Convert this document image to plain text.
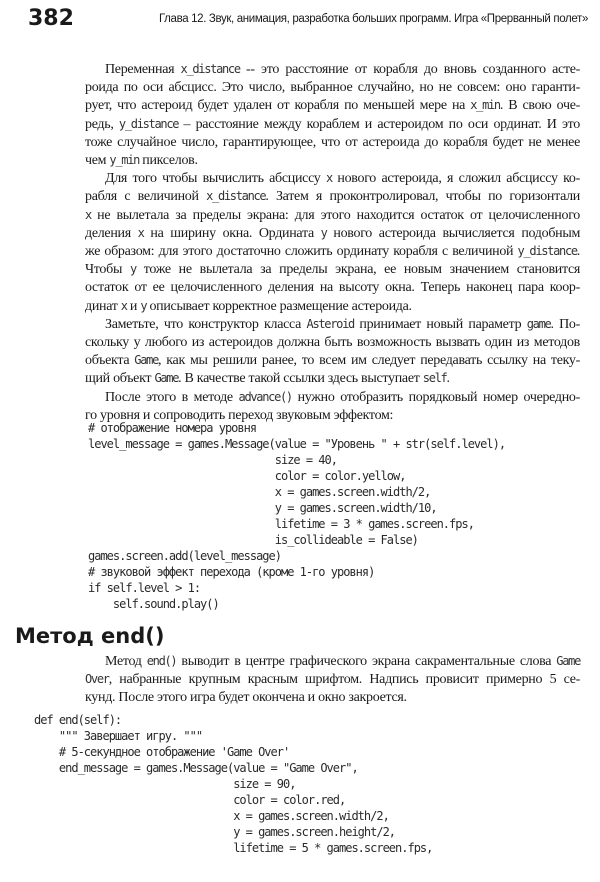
382	Глава 12. Звук, анимация, разработка больших программ. Игра «Прерванный полет»
Переменная x_distance -- это расстояние от корабля до вновь созданного асте-
роида по оси абсцисс. Это число, выбранное случайно, но не совсем: оно гаранти-
рует, что астероид будет удален от корабля по меньшей мере на x_min. В свою оче-
редь, y_distance – расстояние между кораблем и астероидом по оси ординат. И это
тоже случайное число, гарантирующее, что от астероида до корабля будет не менее
чем y_min пикселов.
Для того чтобы вычислить абсциссу x нового астероида, я сложил абсциссу ко-
рабля с величиной x_distance. Затем я проконтролировал, чтобы по горизонтали
x не вылетала за пределы экрана: для этого находится остаток от целочисленного
деления x на ширину окна. Ордината y нового астероида вычисляется подобным
же образом: для этого достаточно сложить ординату корабля с величиной y_distance.
Чтобы y тоже не вылетала за пределы экрана, ее новым значением становится
остаток от ее целочисленного деления на высоту окна. Теперь наконец пара коор-
динат x и y описывает корректное размещение астероида.
Заметьте, что конструктор класса Asteroid принимает новый параметр game. По-
скольку у любого из астероидов должна быть возможность вызвать один из методов
объекта Game, как мы решили ранее, то всем им следует передавать ссылку на теку-
щий объект Game. В качестве такой ссылки здесь выступает self.
После этого в методе advance() нужно отобразить порядковый номер очередно-
го уровня и сопроводить переход звуковым эффектом:
# отображение номера уровня
level_message = games.Message(value = "Уровень " + str(self.level),
size = 40,
color = color.yellow,
x = games.screen.width/2,
y = games.screen.width/10,
lifetime = 3 * games.screen.fps,
is_collideable = False)
games.screen.add(level_message)
# звуковой эффект перехода (кроме 1-го уровня)
if self.level > 1:
self.sound.play()
Метод end()
Метод end() выводит в центре графического экрана сакраментальные слова Game
Over, набранные крупным красным шрифтом. Надпись провисит примерно 5 се-
кунд. После этого игра будет окончена и окно закроется.
def end(self):
""" Завершает игру. """
# 5-секундное отображение 'Game Over'
end_message = games.Message(value = "Game Over",
size = 90,
color = color.red,
x = games.screen.width/2,
y = games.screen.height/2,
lifetime = 5 * games.screen.fps,
